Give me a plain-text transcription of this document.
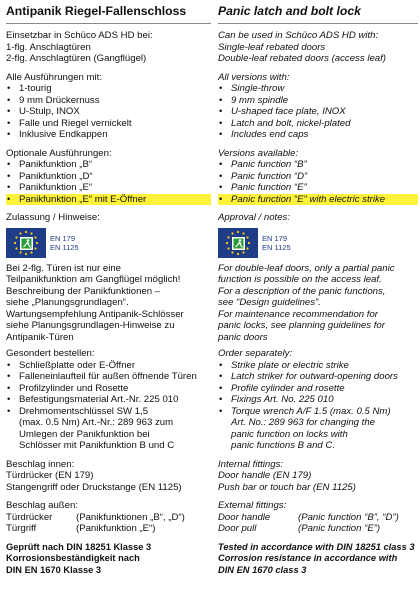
Antipanik Riegel-Fallenschloss
Einsetzbar in Schüco ADS HD bei:
1-flg. Anschlagtüren
2-flg. Anschlagtüren (Gangflügel)
Alle Ausführungen mit:
• 1-tourig
• 9 mm Drückernuss
• U-Stulp, INOX
• Falle und Riegel vernickelt
• Inklusive Endkappen
Optionale Ausführungen:
• Panikfunktion „B“
• Panikfunktion „D“
• Panikfunktion „E“
• Panikfunktion „E“ mit E-Öffner
Zulassung / Hinweise:
EN 179
EN 1125
Bei 2-flg. Türen ist nur eine
Teilpanikfunktion am Gangflügel möglich!
Beschreibung der Panikfunktionen –
siehe „Planungsgrundlagen“.
Wartungsempfehlung Antipanik-Schlösser
siehe Planungsgrundlagen-Hinweise zu
Antipanik-Türen
Gesondert bestellen:
• Schließplatte oder E-Öffner
• Falleneinlaufteil für außen öffnende Türen
• Profilzylinder und Rosette
• Befestigungsmaterial Art.-Nr. 225 010
• Drehmomentschlüssel SW 1,5
(max. 0.5 Nm) Art.-Nr.: 289 963 zum
Umlegen der Panikfunktion bei
Schlösser mit Panikfunktion B und C
Beschlag innen:
Türdrücker (EN 179)
Stangengriff oder Druckstange (EN 1125)
Beschlag außen:
Türdrücker	(Panikfunktionen „B“, „D“)
Türgriff	(Panikfunktion „E“)
Geprüft nach DIN 18251 Klasse 3
Korrosionsbeständigkeit nach
DIN EN 1670 Klasse 3
Panic latch and bolt lock
Can be used in Schüco ADS HD with:
Single-leaf rebated doors
Double-leaf rebated doors (access leaf)
All versions with:
• Single-throw
• 9 mm spindle
• U-shaped face plate, INOX
• Latch and bolt, nickel-plated
• Includes end caps
Versions available:
• Panic function “B”
• Panic function “D”
• Panic function “E”
• Panic function “E” with electric strike
Approval / notes:
EN 179
EN 1125
For double-leaf doors, only a partial panic
function is possible on the access leaf.
For a description of the panic functions,
see “Design guidelines”.
For maintenance recommendation for
panic locks, see planning guidelines for
panic doors
Order separately:
• Strike plate or electric strike
• Latch striker for outward-opening doors
• Profile cylinder and rosette
• Fixings Art. No. 225 010
• Torque wrench A/F 1.5 (max. 0.5 Nm)
Art. No.: 289 963 for changing the
panic function on locks with
panic functions B and C.
Internal fittings:
Door handle (EN 179)
Push bar or touch bar (EN 1125)
External fittings:
Door handle	(Panic function “B”, “D”)
Door pull	(Panic function “E”)
Tested in accordance with DIN 18251 class 3
Corrosion resistance in accordance with
DIN EN 1670 class 3
